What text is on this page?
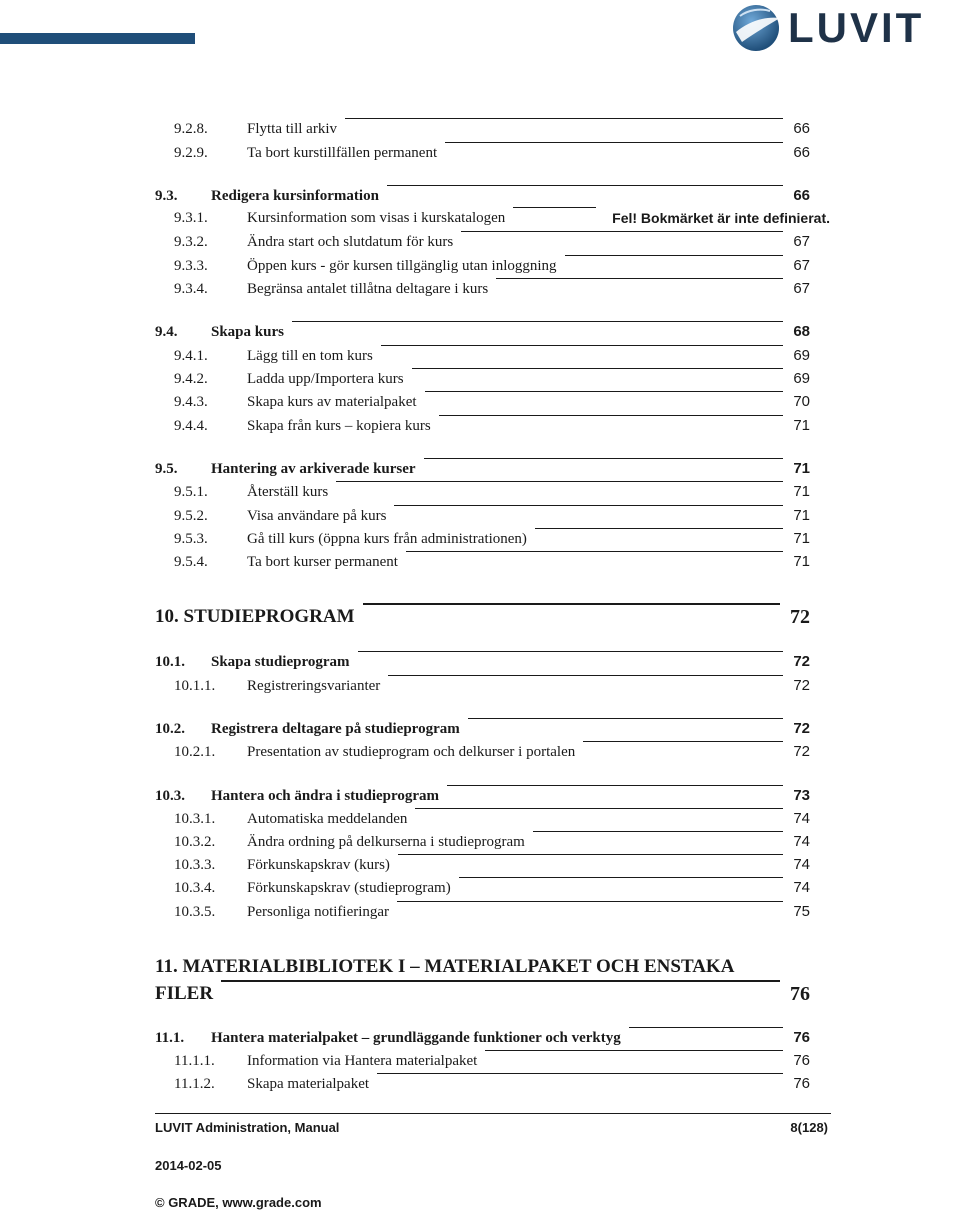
LUVIT
9.2.8.	Flytta till arkiv	66
9.2.9.	Ta bort kurstillfällen permanent	66
9.3. Redigera kursinformation	66
9.3.1.	Kursinformation som visas i kurskatalogen	Fel! Bokmärket är inte definierat.
9.3.2.	Ändra start och slutdatum för kurs	67
9.3.3.	Öppen kurs - gör kursen tillgänglig utan inloggning	67
9.3.4.	Begränsa antalet tillåtna deltagare i kurs	67
9.4. Skapa kurs	68
9.4.1.	Lägg till en tom kurs	69
9.4.2.	Ladda upp/Importera kurs	69
9.4.3.	Skapa kurs av materialpaket	70
9.4.4.	Skapa från kurs – kopiera kurs	71
9.5. Hantering av arkiverade kurser	71
9.5.1.	Återställ kurs	71
9.5.2.	Visa användare på kurs	71
9.5.3.	Gå till kurs (öppna kurs från administrationen)	71
9.5.4.	Ta bort kurser permanent	71
10. STUDIEPROGRAM	72
10.1. Skapa studieprogram	72
10.1.1. Registreringsvarianter	72
10.2. Registrera deltagare på studieprogram	72
10.2.1. Presentation av studieprogram och delkurser i portalen	72
10.3. Hantera och ändra i studieprogram	73
10.3.1. Automatiska meddelanden	74
10.3.2. Ändra ordning på delkurserna i studieprogram	74
10.3.3. Förkunskapskrav (kurs)	74
10.3.4. Förkunskapskrav (studieprogram)	74
10.3.5. Personliga notifieringar	75
11. MATERIALBIBLIOTEK I – MATERIALPAKET OCH ENSTAKA
FILER	76
11.1. Hantera materialpaket – grundläggande funktioner och verktyg	76
11.1.1. Information via Hantera materialpaket	76
11.1.2. Skapa materialpaket	76
LUVIT Administration, Manual	8(128)
2014-02-05
© GRADE, www.grade.com
